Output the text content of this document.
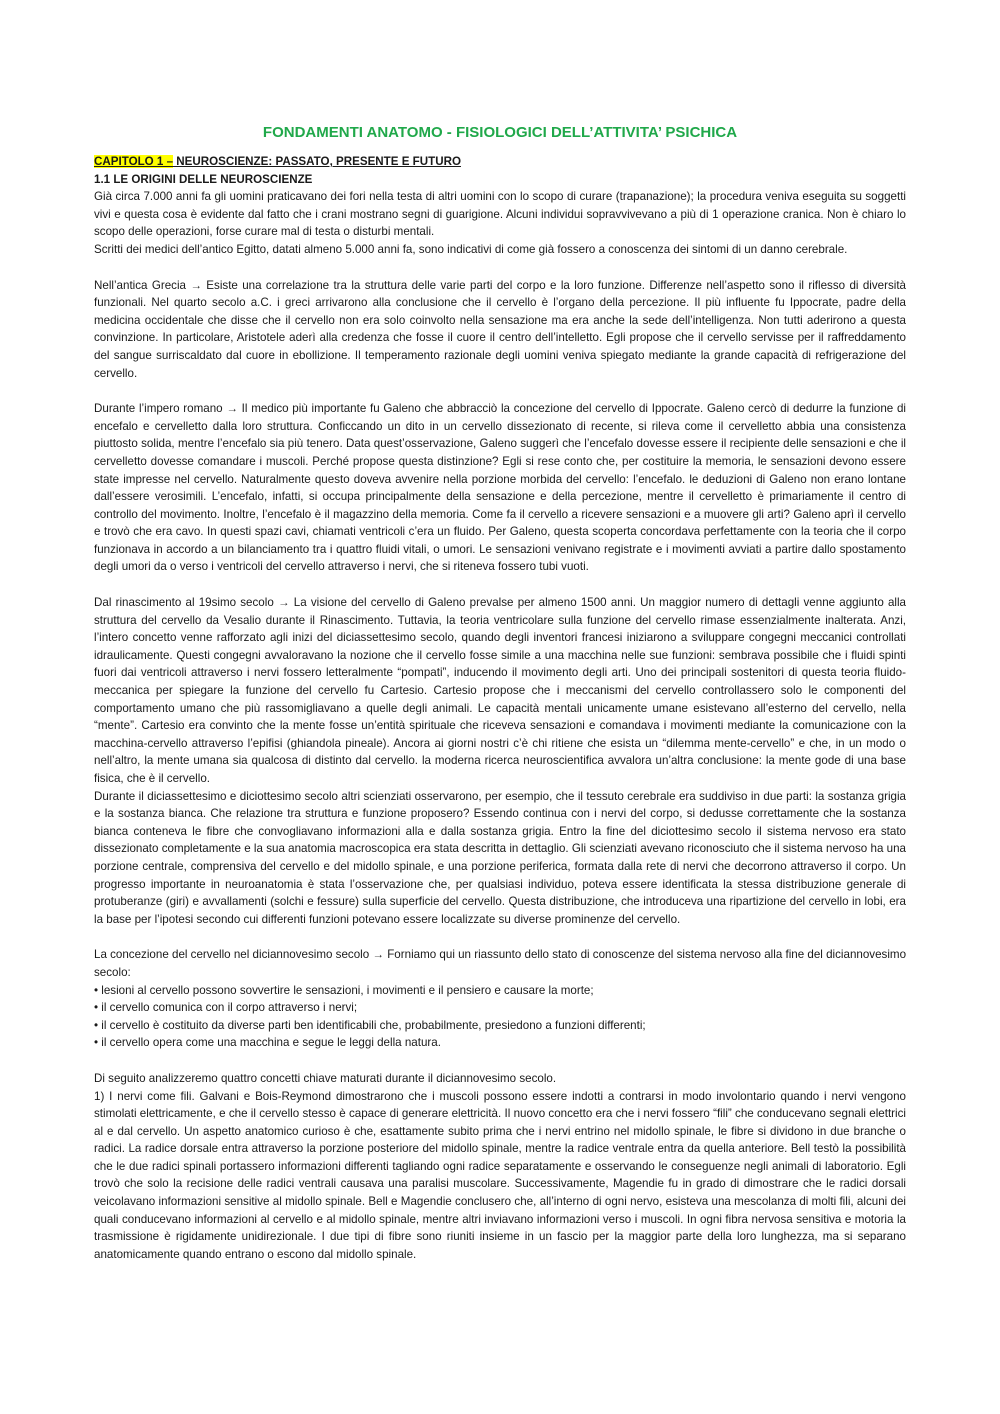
FONDAMENTI ANATOMO - FISIOLOGICI DELL’ATTIVITA’ PSICHICA

CAPITOLO 1 – NEUROSCIENZE: PASSATO, PRESENTE E FUTURO

1.1 LE ORIGINI DELLE NEUROSCIENZE

Già circa 7.000 anni fa gli uomini praticavano dei fori nella testa di altri uomini con lo scopo di curare (trapanazione); la procedura veniva eseguita su soggetti vivi e questa cosa è evidente dal fatto che i crani mostrano segni di guarigione. Alcuni individui sopravvivevano a più di 1 operazione cranica. Non è chiaro lo scopo delle operazioni, forse curare mal di testa o disturbi mentali.

Scritti dei medici dell’antico Egitto, datati almeno 5.000 anni fa, sono indicativi di come già fossero a conoscenza dei sintomi di un danno cerebrale.

Nell’antica Grecia → Esiste una correlazione tra la struttura delle varie parti del corpo e la loro funzione. Differenze nell’aspetto sono il riflesso di diversità funzionali. Nel quarto secolo a.C. i greci arrivarono alla conclusione che il cervello è l’organo della percezione. Il più influente fu Ippocrate, padre della medicina occidentale che disse che il cervello non era solo coinvolto nella sensazione ma era anche la sede dell’intelligenza. Non tutti aderirono a questa convinzione. In particolare, Aristotele aderì alla credenza che fosse il cuore il centro dell’intelletto. Egli propose che il cervello servisse per il raffreddamento del sangue surriscaldato dal cuore in ebollizione. Il temperamento razionale degli uomini veniva spiegato mediante la grande capacità di refrigerazione del cervello.

Durante l’impero romano → Il medico più importante fu Galeno che abbracciò la concezione del cervello di Ippocrate. Galeno cercò di dedurre la funzione di encefalo e cervelletto dalla loro struttura. Conficcando un dito in un cervello dissezionato di recente, si rileva come il cervelletto abbia una consistenza piuttosto solida, mentre l’encefalo sia più tenero. Data quest’osservazione, Galeno suggerì che l’encefalo dovesse essere il recipiente delle sensazioni e che il cervelletto dovesse comandare i muscoli. Perché propose questa distinzione? Egli si rese conto che, per costituire la memoria, le sensazioni devono essere state impresse nel cervello. Naturalmente questo doveva avvenire nella porzione morbida del cervello: l’encefalo. le deduzioni di Galeno non erano lontane dall’essere verosimili. L’encefalo, infatti, si occupa principalmente della sensazione e della percezione, mentre il cervelletto è primariamente il centro di controllo del movimento. Inoltre, l’encefalo è il magazzino della memoria. Come fa il cervello a ricevere sensazioni e a muovere gli arti? Galeno aprì il cervello e trovò che era cavo. In questi spazi cavi, chiamati ventricoli c’era un fluido. Per Galeno, questa scoperta concordava perfettamente con la teoria che il corpo funzionava in accordo a un bilanciamento tra i quattro fluidi vitali, o umori. Le sensazioni venivano registrate e i movimenti avviati a partire dallo spostamento degli umori da o verso i ventricoli del cervello attraverso i nervi, che si riteneva fossero tubi vuoti.

Dal rinascimento al 19simo secolo → La visione del cervello di Galeno prevalse per almeno 1500 anni. Un maggior numero di dettagli venne aggiunto alla struttura del cervello da Vesalio durante il Rinascimento. Tuttavia, la teoria ventricolare sulla funzione del cervello rimase essenzialmente inalterata. Anzi, l’intero concetto venne rafforzato agli inizi del diciassettesimo secolo, quando degli inventori francesi iniziarono a sviluppare congegni meccanici controllati idraulicamente. Questi congegni avvaloravano la nozione che il cervello fosse simile a una macchina nelle sue funzioni: sembrava possibile che i fluidi spinti fuori dai ventricoli attraverso i nervi fossero letteralmente “pompati”, inducendo il movimento degli arti. Uno dei principali sostenitori di questa teoria fluido-meccanica per spiegare la funzione del cervello fu Cartesio. Cartesio propose che i meccanismi del cervello controllassero solo le componenti del comportamento umano che più rassomigliavano a quelle degli animali. Le capacità mentali unicamente umane esistevano all’esterno del cervello, nella “mente”. Cartesio era convinto che la mente fosse un’entità spirituale che riceveva sensazioni e comandava i movimenti mediante la comunicazione con la macchina-cervello attraverso l’epifisi (ghiandola pineale). Ancora ai giorni nostri c’è chi ritiene che esista un “dilemma mente-cervello” e che, in un modo o nell’altro, la mente umana sia qualcosa di distinto dal cervello. la moderna ricerca neuroscientifica avvalora un’altra conclusione: la mente gode di una base fisica, che è il cervello.

Durante il diciassettesimo e diciottesimo secolo altri scienziati osservarono, per esempio, che il tessuto cerebrale era suddiviso in due parti: la sostanza grigia e la sostanza bianca. Che relazione tra struttura e funzione proposero? Essendo continua con i nervi del corpo, si dedusse correttamente che la sostanza bianca conteneva le fibre che convogliavano informazioni alla e dalla sostanza grigia. Entro la fine del diciottesimo secolo il sistema nervoso era stato dissezionato completamente e la sua anatomia macroscopica era stata descritta in dettaglio. Gli scienziati avevano riconosciuto che il sistema nervoso ha una porzione centrale, comprensiva del cervello e del midollo spinale, e una porzione periferica, formata dalla rete di nervi che decorrono attraverso il corpo. Un progresso importante in neuroanatomia è stata l’osservazione che, per qualsiasi individuo, poteva essere identificata la stessa distribuzione generale di protuberanze (giri) e avvallamenti (solchi e fessure) sulla superficie del cervello. Questa distribuzione, che introduceva una ripartizione del cervello in lobi, era la base per l’ipotesi secondo cui differenti funzioni potevano essere localizzate su diverse prominenze del cervello.

La concezione del cervello nel diciannovesimo secolo → Forniamo qui un riassunto dello stato di conoscenze del sistema nervoso alla fine del diciannovesimo secolo:

• lesioni al cervello possono sovvertire le sensazioni, i movimenti e il pensiero e causare la morte;
• il cervello comunica con il corpo attraverso i nervi;
• il cervello è costituito da diverse parti ben identificabili che, probabilmente, presiedono a funzioni differenti;
• il cervello opera come una macchina e segue le leggi della natura.

Di seguito analizzeremo quattro concetti chiave maturati durante il diciannovesimo secolo.

1) I nervi come fili. Galvani e Bois-Reymond dimostrarono che i muscoli possono essere indotti a contrarsi in modo involontario quando i nervi vengono stimolati elettricamente, e che il cervello stesso è capace di generare elettricità. Il nuovo concetto era che i nervi fossero “fili” che conducevano segnali elettrici al e dal cervello. Un aspetto anatomico curioso è che, esattamente subito prima che i nervi entrino nel midollo spinale, le fibre si dividono in due branche o radici. La radice dorsale entra attraverso la porzione posteriore del midollo spinale, mentre la radice ventrale entra da quella anteriore. Bell testò la possibilità che le due radici spinali portassero informazioni differenti tagliando ogni radice separatamente e osservando le conseguenze negli animali di laboratorio. Egli trovò che solo la recisione delle radici ventrali causava una paralisi muscolare. Successivamente, Magendie fu in grado di dimostrare che le radici dorsali veicolavano informazioni sensitive al midollo spinale. Bell e Magendie conclusero che, all’interno di ogni nervo, esisteva una mescolanza di molti fili, alcuni dei quali conducevano informazioni al cervello e al midollo spinale, mentre altri inviavano informazioni verso i muscoli. In ogni fibra nervosa sensitiva e motoria la trasmissione è rigidamente unidirezionale. I due tipi di fibre sono riuniti insieme in un fascio per la maggior parte della loro lunghezza, ma si separano anatomicamente quando entrano o escono dal midollo spinale.
